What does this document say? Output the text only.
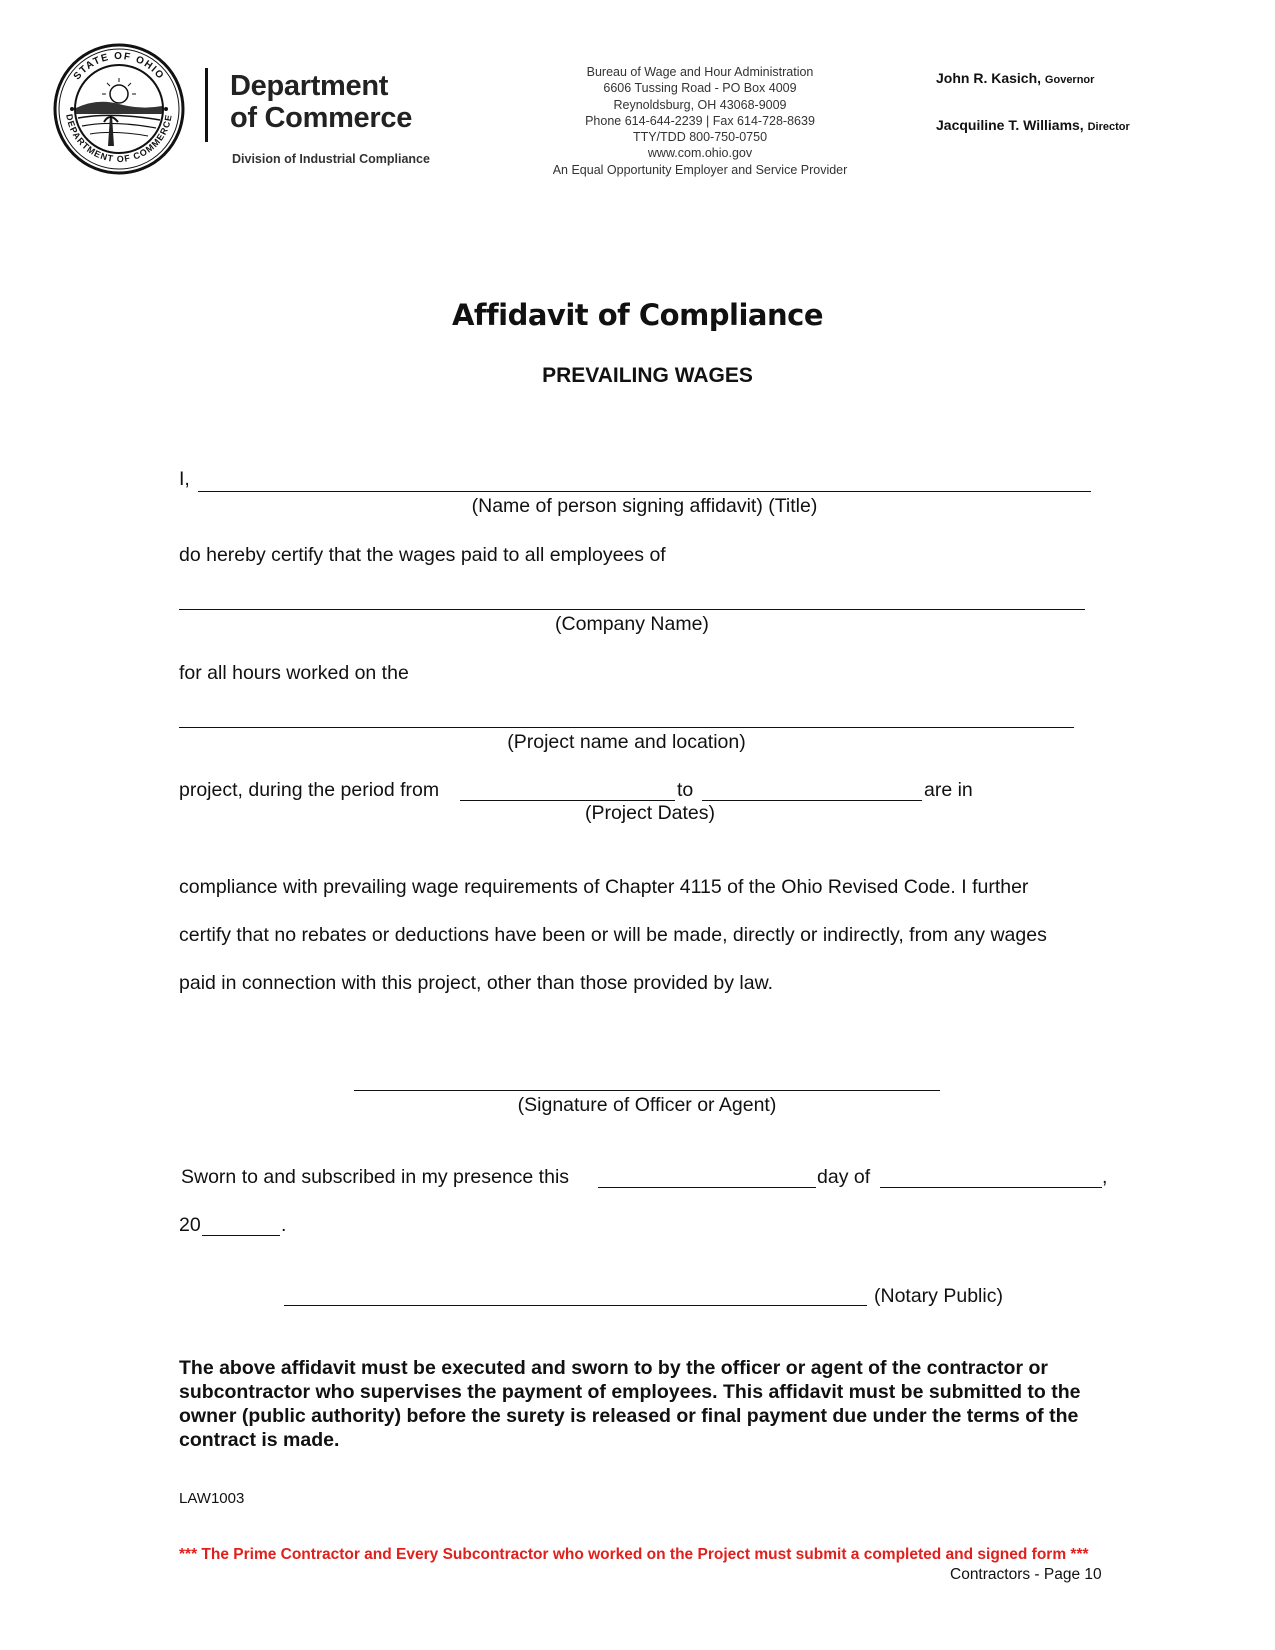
STATE OF OHIO
DEPARTMENT OF COMMERCE
Department
of Commerce
Division of Industrial Compliance
Bureau of Wage and Hour Administration
6606 Tussing Road - PO Box 4009
Reynoldsburg, OH 43068-9009
Phone 614-644-2239 | Fax 614-728-8639
TTY/TDD 800-750-0750
www.com.ohio.gov
An Equal Opportunity Employer and Service Provider
John R. Kasich, Governor
Jacquiline T. Williams, Director
Affidavit of Compliance
PREVAILING WAGES
I,
(Name of person signing affidavit) (Title)
do hereby certify that the wages paid to all employees of
(Company Name)
for all hours worked on the
(Project name and location)
project, during the period from	to	are in
(Project Dates)
compliance with prevailing wage requirements of Chapter 4115 of the Ohio Revised Code. I further
certify that no rebates or deductions have been or will be made, directly or indirectly, from any wages
paid in connection with this project, other than those provided by law.
(Signature of Officer or Agent)
Sworn to and subscribed in my presence this	day of	,
20	.
(Notary Public)
The above affidavit must be executed and sworn to by the officer or agent of the contractor or subcontractor who supervises the payment of employees. This affidavit must be submitted to the owner (public authority) before the surety is released or final payment due under the terms of the contract is made.
LAW1003
*** The Prime Contractor and Every Subcontractor who worked on the Project must submit a completed and signed form ***
Contractors - Page 10
